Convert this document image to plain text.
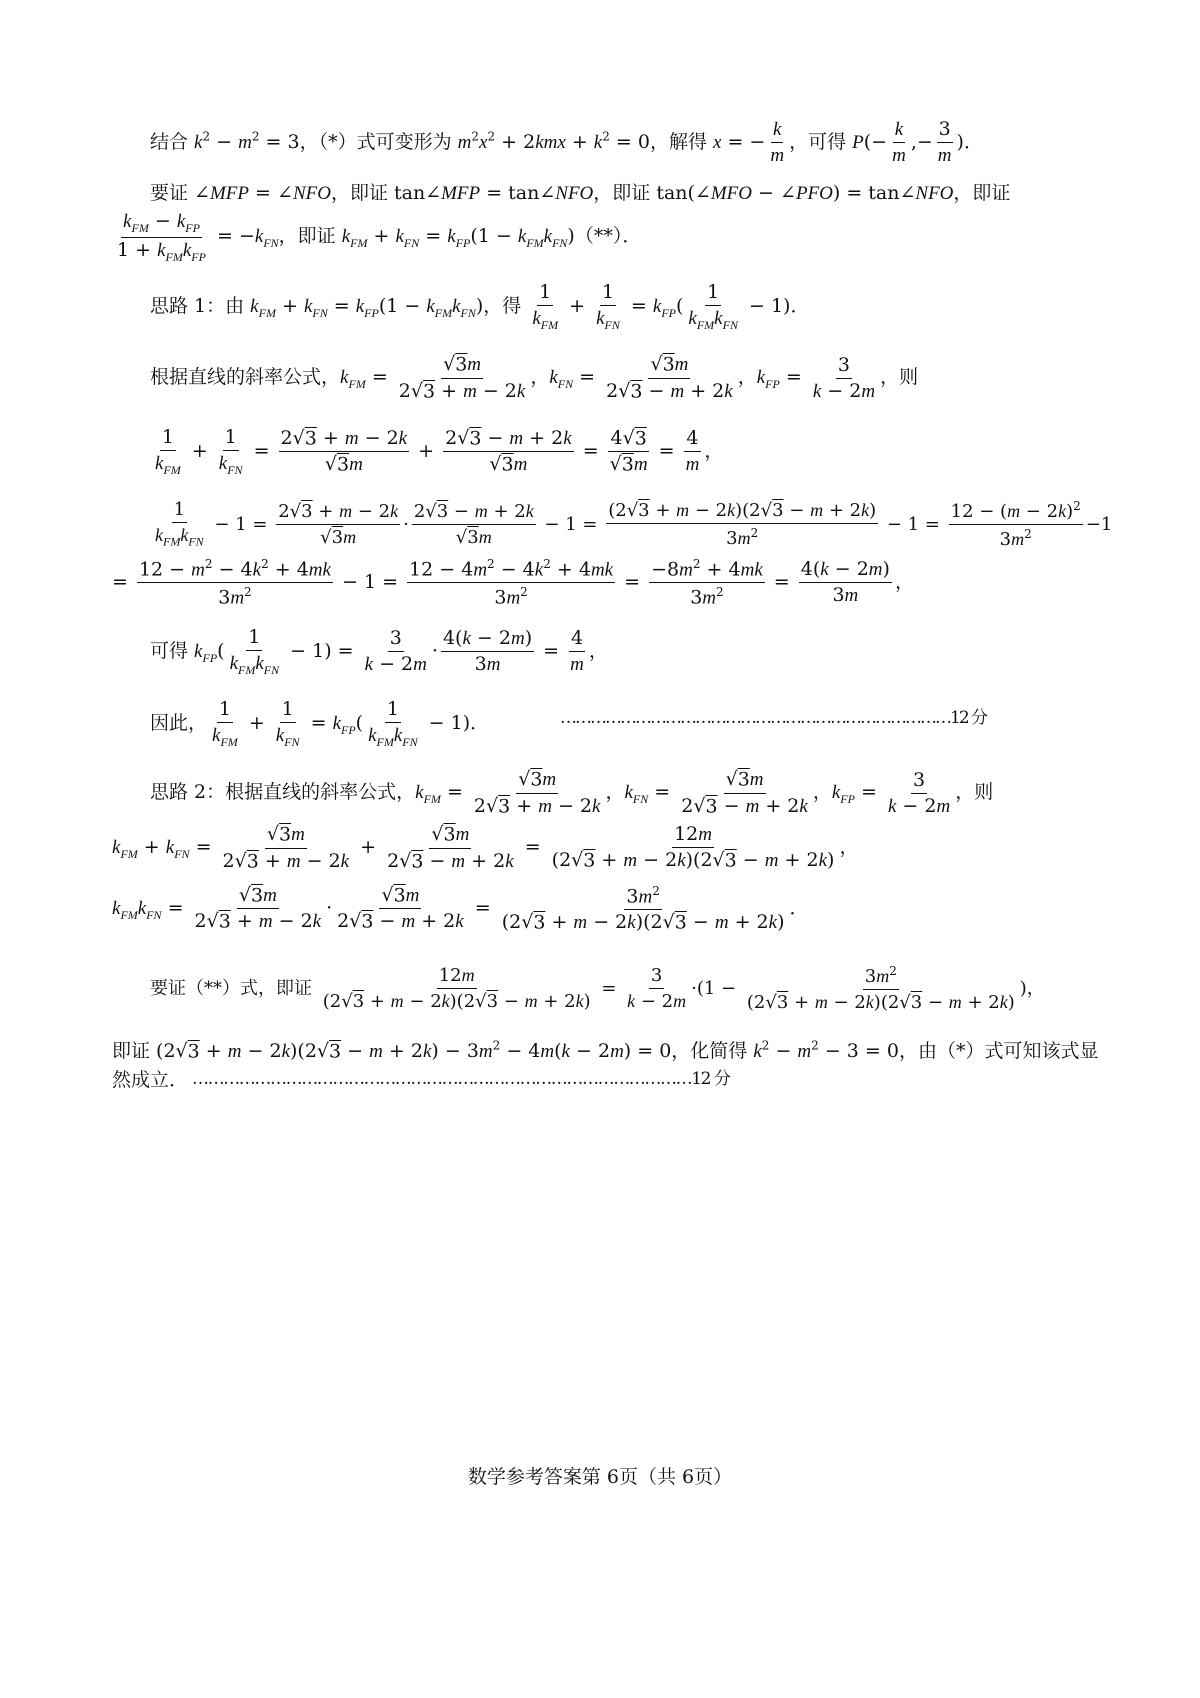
结合 $k^2 - m^2 = 3$，（*）式可变形为 $m^2x^2 + 2kmx + k^2 = 0$，解得 x = − $\frac{k}{m}$ ，可得 $P(- \frac{k}{m}$ ,− $\frac{3}{m}$ )．
要证 ∠MFP = ∠NFO，即证 tan∠MFP = tan∠NFO，即证 tan(∠MFO − ∠PFO) = tan∠NFO，即证
$\frac{k_{FM} - k_{FP}}{1 + k_{FM}k_{FP}} = -k_{FN}$，即证 $k_{FM} + k_{FN} = k_{FP}(1 - k_{FM}k_{FN})(**)$．
思路 1：由 $k_{FM} + k_{FN} = k_{FP}(1 - k_{FM}k_{FN})$，得 $\frac{1}{k_{FM}} + \frac{1}{k_{FN}} = k_{FP}( \frac{1}{k_{FM}k_{FN}} - 1)$．
根据直线的斜率公式，$k_{FM} = \frac{√3m}{2√3 + m - 2k}$ ，$k_{FN} = \frac{√3m}{2√3 - m + 2k}$ ，$k_{FP} = \frac{3}{k - 2m}$ ，则
$\frac{1}{k_{FM}} + \frac{1}{k_{FN}} = \frac{2√3 + m - 2k}{√3m} + \frac{2√3 - m + 2k}{√3m} = \frac{4√3}{√3m} = \frac{4}{m}$ ，
$\frac{1}{k_{FM}k_{FN}} - 1 = \frac{2√3 + m - 2k}{√3m} \cdot \frac{2√3 - m + 2k}{√3m} - 1 = \frac{(2√3 + m - 2k)(2√3 - m + 2k)}{3m^2} - 1 = \frac{12 - (m - 2k)^2}{3m^2} -1$
= $\frac{12 - m^2 - 4k^2 + 4mk}{3m^2} - 1 = \frac{12 - 4m^2 - 4k^2 + 4mk}{3m^2} = \frac{-8m^2 + 4mk}{3m^2} = \frac{4(k - 2m)}{3m}$ ，
可得 $k_{FP}( \frac{1}{k_{FM}k_{FN}} - 1) = \frac{3}{k - 2m} \cdot \frac{4(k - 2m)}{3m} = \frac{4}{m}$ ，
因此， $\frac{1}{k_{FM}} + \frac{1}{k_{FN}} = k_{FP}( \frac{1}{k_{FM}k_{FN}} - 1)$．	……………………………………………………………………12 分
思路 2：根据直线的斜率公式，$k_{FM} = \frac{√3m}{2√3 + m - 2k}$ ，$k_{FN} = \frac{√3m}{2√3 - m + 2k}$ ，$k_{FP} = \frac{3}{k - 2m}$ ，则
$k_{FM} + k_{FN} = \frac{√3m}{2√3 + m - 2k} + \frac{√3m}{2√3 - m + 2k} = \frac{12m}{(2√3 + m - 2k)(2√3 - m + 2k)}$ ，
$k_{FM}k_{FN} = \frac{√3m}{2√3 + m - 2k} \cdot \frac{√3m}{2√3 - m + 2k} = \frac{3m^2}{(2√3 + m - 2k)(2√3 - m + 2k)}$ ．
要证（**）式，即证 $\frac{12m}{(2√3 + m - 2k)(2√3 - m + 2k)} = \frac{3}{k - 2m} \cdot(1 - \frac{3m^2}{(2√3 + m - 2k)(2√3 - m + 2k)}$ )，
即证 $(2√3 + m - 2k)(2√3 - m + 2k) - 3m^2 - 4m(k - 2m) = 0$，化简得 $k^2 - m^2 - 3 = 0$，由（*）式可知该式显
然成立． ……………………………………………………………………………………12 分
数学参考答案第 6页（共 6页）
